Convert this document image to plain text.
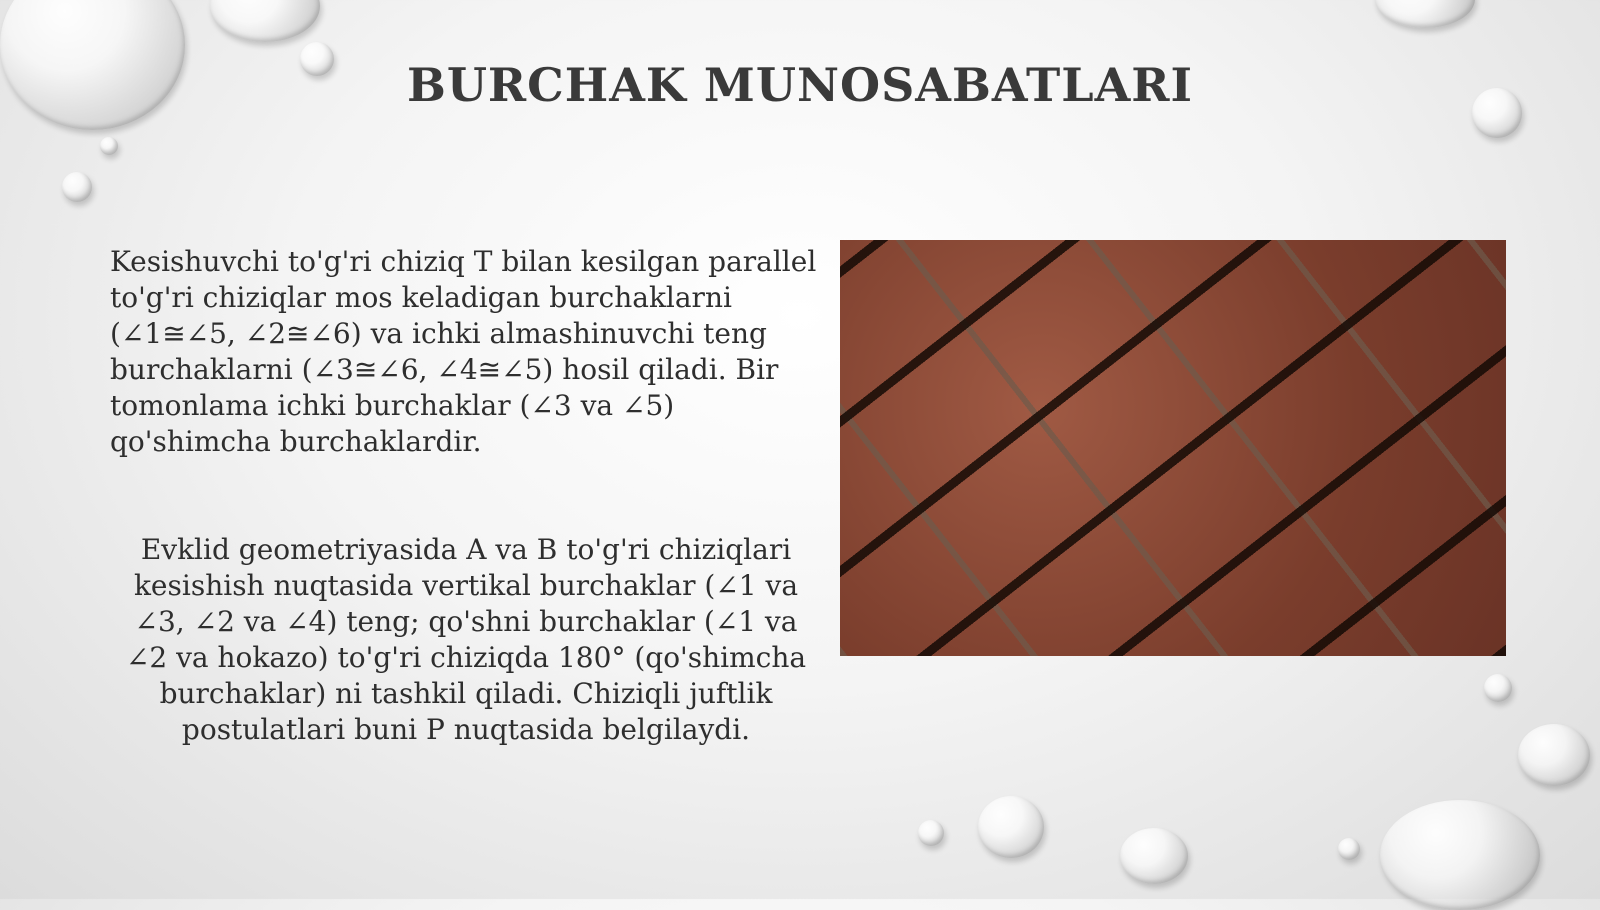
BURCHAK MUNOSABATLARI

Kesishuvchi to'g'ri chiziq T bilan kesilgan parallel to'g'ri chiziqlar mos keladigan burchaklarni (∠1≅∠5, ∠2≅∠6) va ichki almashinuvchi teng burchaklarni (∠3≅∠6, ∠4≅∠5) hosil qiladi. Bir tomonlama ichki burchaklar (∠3 va ∠5) qo'shimcha burchaklardir.

Evklid geometriyasida A va B to'g'ri chiziqlari kesishish nuqtasida vertikal burchaklar (∠1 va ∠3, ∠2 va ∠4) teng; qo'shni burchaklar (∠1 va ∠2 va hokazo) to'g'ri chiziqda 180° (qo'shimcha burchaklar) ni tashkil qiladi. Chiziqli juftlik postulatlari buni P nuqtasida belgilaydi.
